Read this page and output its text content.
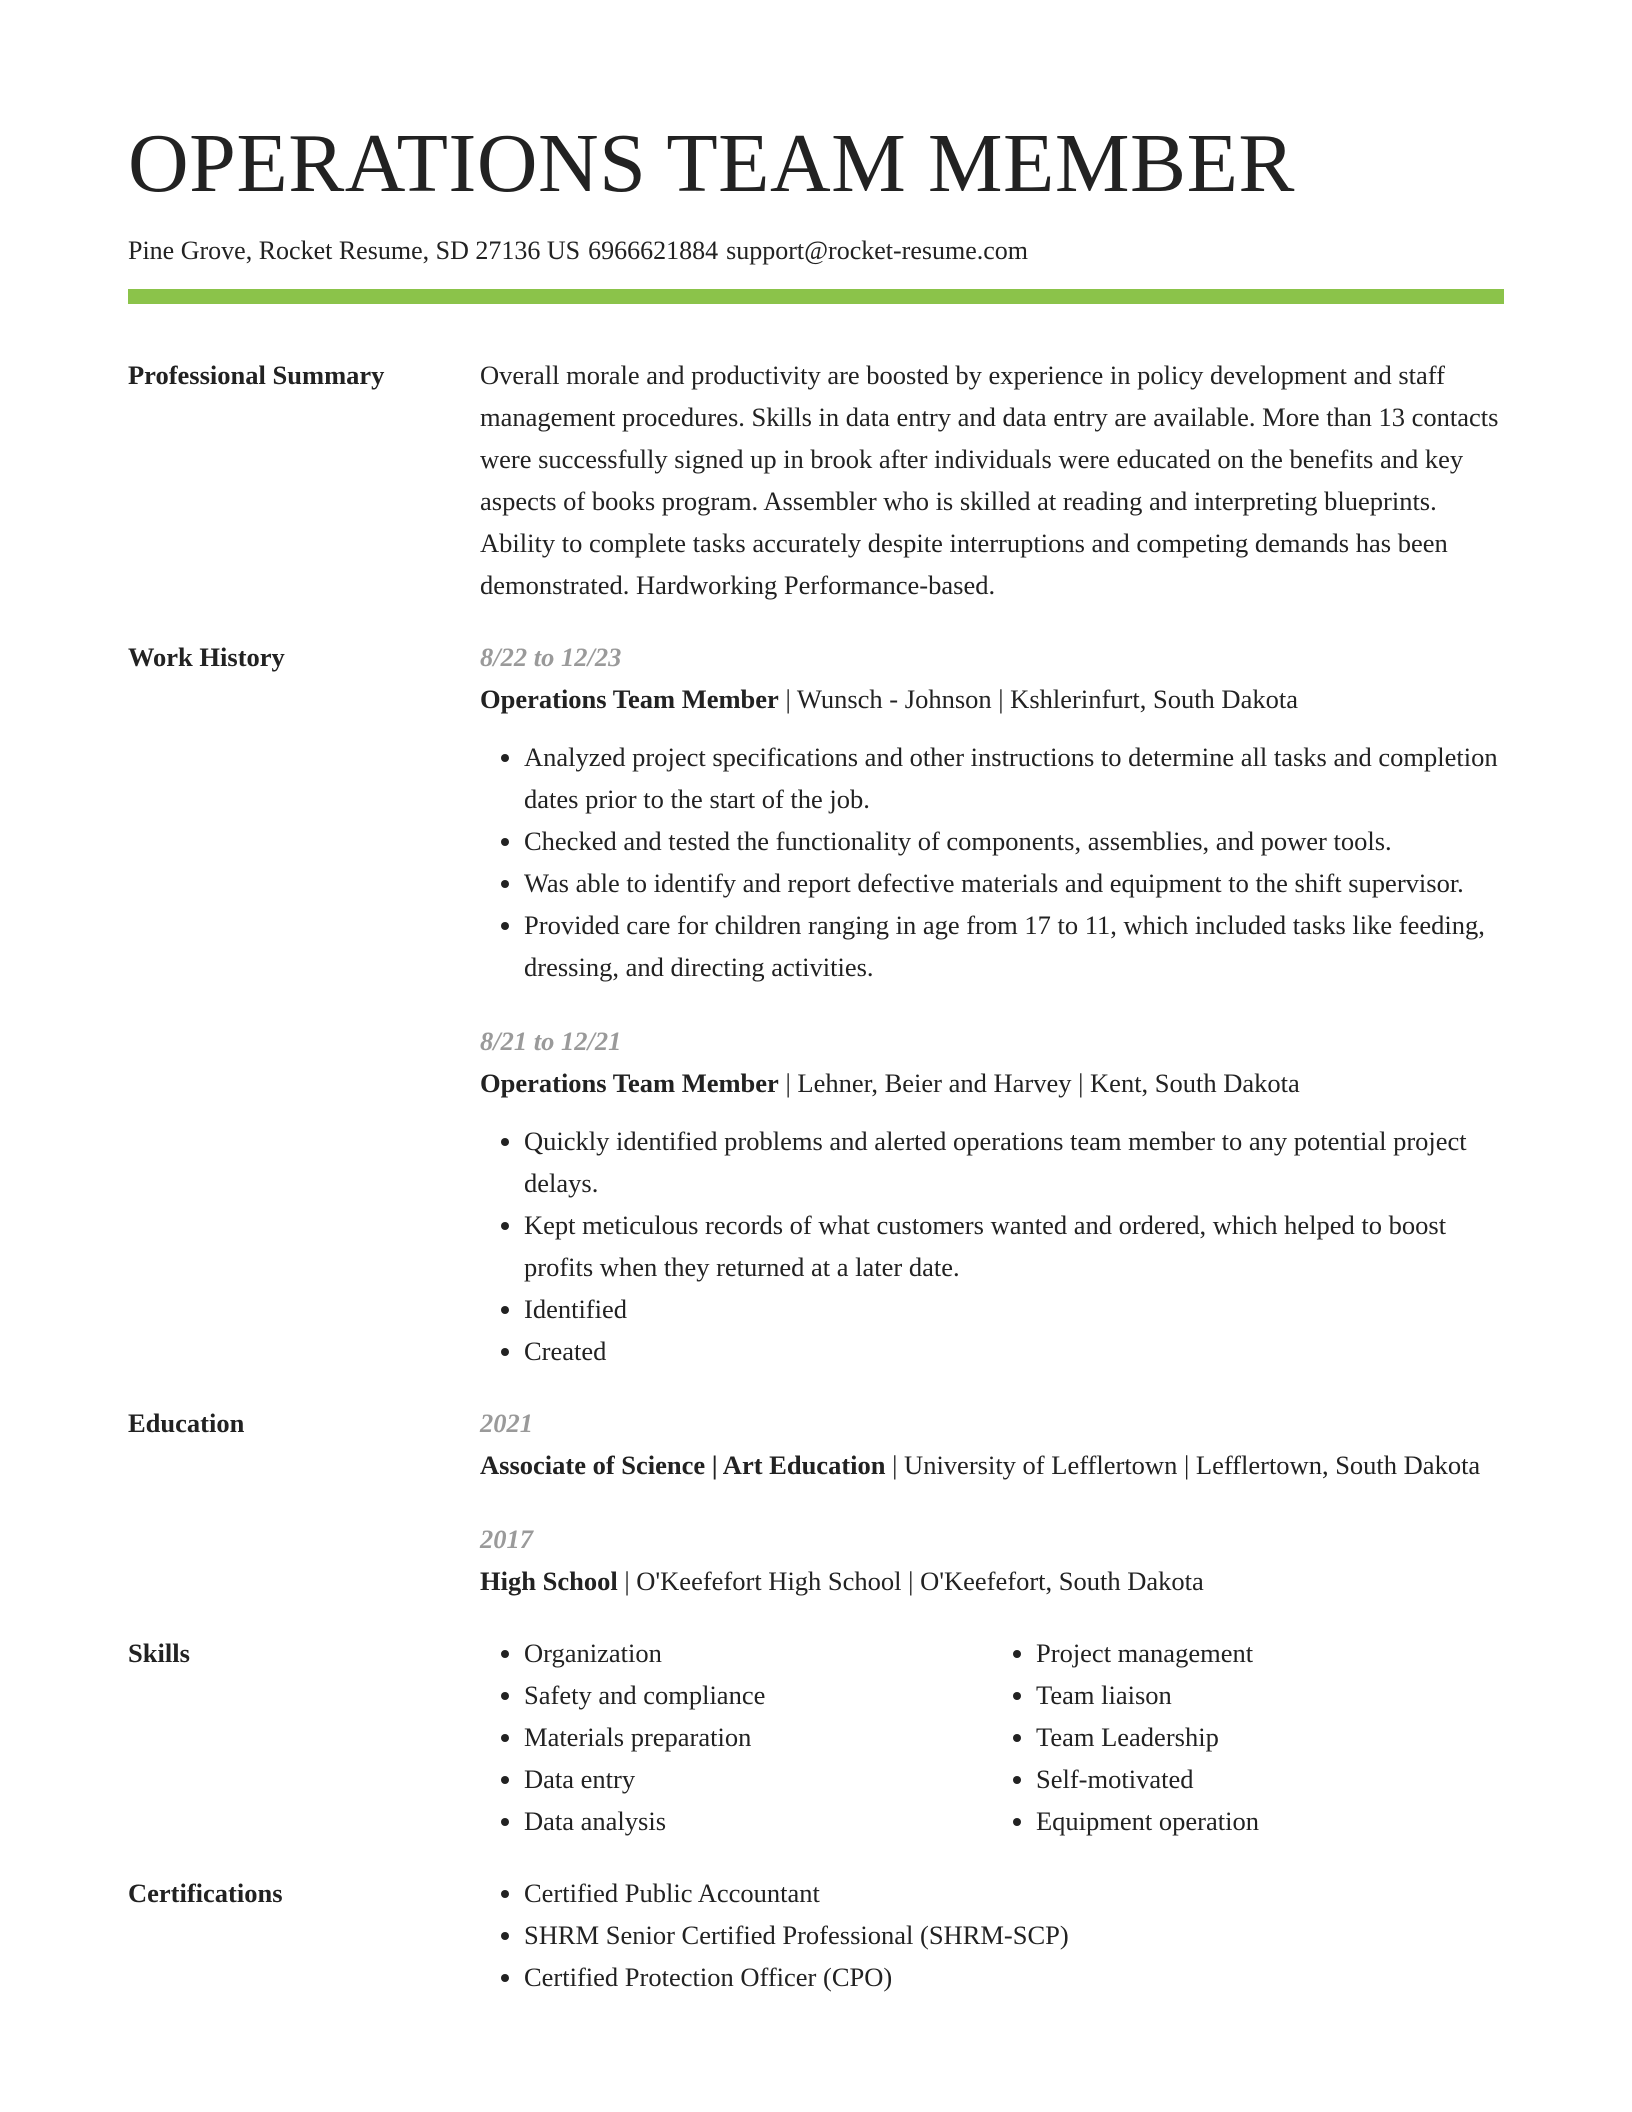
OPERATIONS TEAM MEMBER
Pine Grove, Rocket Resume, SD 27136 US 6966621884 support@rocket-resume.com
Professional Summary	Overall morale and productivity are boosted by experience in policy development and staff management procedures. Skills in data entry and data entry are available. More than 13 contacts were successfully signed up in brook after individuals were educated on the benefits and key aspects of books program. Assembler who is skilled at reading and interpreting blueprints. Ability to complete tasks accurately despite interruptions and competing demands has been demonstrated. Hardworking Performance-based.
Work History	8/22 to 12/23
Operations Team Member | Wunsch - Johnson | Kshlerinfurt, South Dakota
• Analyzed project specifications and other instructions to determine all tasks and completion dates prior to the start of the job.
• Checked and tested the functionality of components, assemblies, and power tools.
• Was able to identify and report defective materials and equipment to the shift supervisor.
• Provided care for children ranging in age from 17 to 11, which included tasks like feeding, dressing, and directing activities.
8/21 to 12/21
Operations Team Member | Lehner, Beier and Harvey | Kent, South Dakota
• Quickly identified problems and alerted operations team member to any potential project delays.
• Kept meticulous records of what customers wanted and ordered, which helped to boost profits when they returned at a later date.
• Identified
• Created
Education	2021
Associate of Science | Art Education | University of Lefflertown | Lefflertown, South Dakota
2017
High School | O'Keefefort High School | O'Keefefort, South Dakota
Skills	• Organization
• Safety and compliance
• Materials preparation
• Data entry
• Data analysis
• Project management
• Team liaison
• Team Leadership
• Self-motivated
• Equipment operation
Certifications	• Certified Public Accountant
• SHRM Senior Certified Professional (SHRM-SCP)
• Certified Protection Officer (CPO)
